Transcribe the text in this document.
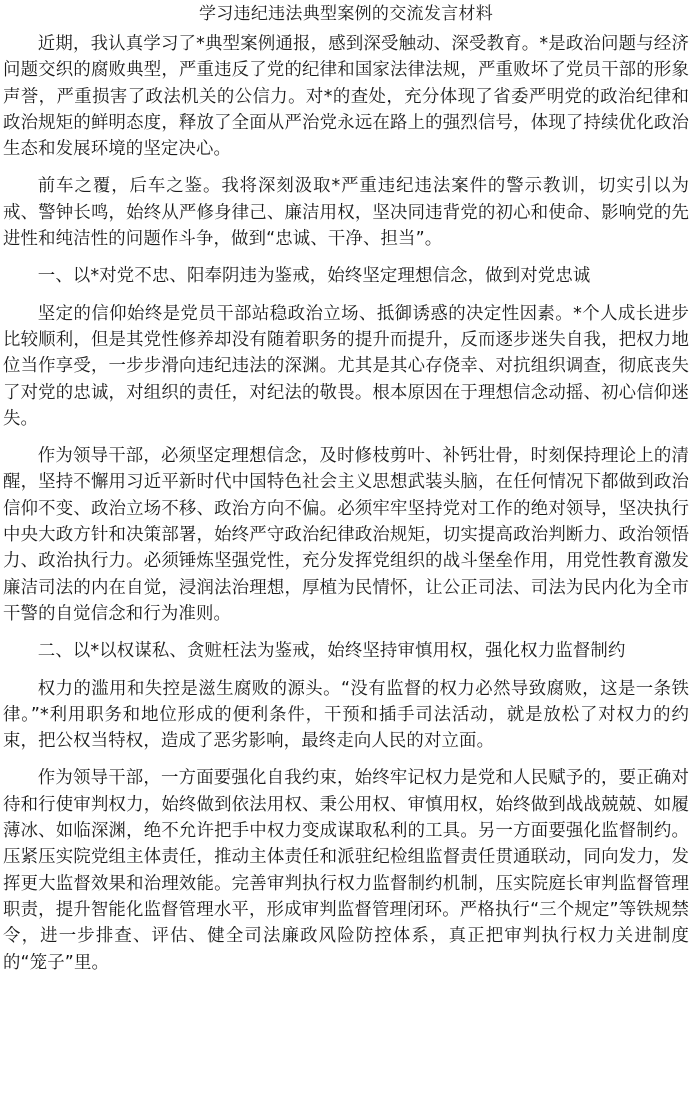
学习违纪违法典型案例的交流发言材料

近期，我认真学习了*典型案例通报，感到深受触动、深受教育。*是政治问题与经济问题交织的腐败典型，严重违反了党的纪律和国家法律法规，严重败坏了党员干部的形象声誉，严重损害了政法机关的公信力。对*的查处，充分体现了省委严明党的政治纪律和政治规矩的鲜明态度，释放了全面从严治党永远在路上的强烈信号，体现了持续优化政治生态和发展环境的坚定决心。

前车之覆，后车之鉴。我将深刻汲取*严重违纪违法案件的警示教训，切实引以为戒、警钟长鸣，始终从严修身律己、廉洁用权，坚决同违背党的初心和使命、影响党的先进性和纯洁性的问题作斗争，做到“忠诚、干净、担当”。

一、以*对党不忠、阳奉阴违为鉴戒，始终坚定理想信念，做到对党忠诚

坚定的信仰始终是党员干部站稳政治立场、抵御诱惑的决定性因素。*个人成长进步比较顺利，但是其党性修养却没有随着职务的提升而提升，反而逐步迷失自我，把权力地位当作享受，一步步滑向违纪违法的深渊。尤其是其心存侥幸、对抗组织调查，彻底丧失了对党的忠诚，对组织的责任，对纪法的敬畏。根本原因在于理想信念动摇、初心信仰迷失。

作为领导干部，必须坚定理想信念，及时修枝剪叶、补钙壮骨，时刻保持理论上的清醒，坚持不懈用习近平新时代中国特色社会主义思想武装头脑，在任何情况下都做到政治信仰不变、政治立场不移、政治方向不偏。必须牢牢坚持党对工作的绝对领导，坚决执行中央大政方针和决策部署，始终严守政治纪律政治规矩，切实提高政治判断力、政治领悟力、政治执行力。必须锤炼坚强党性，充分发挥党组织的战斗堡垒作用，用党性教育激发廉洁司法的内在自觉，浸润法治理想，厚植为民情怀，让公正司法、司法为民内化为全市干警的自觉信念和行为准则。

二、以*以权谋私、贪赃枉法为鉴戒，始终坚持审慎用权，强化权力监督制约

权力的滥用和失控是滋生腐败的源头。“没有监督的权力必然导致腐败，这是一条铁律。”*利用职务和地位形成的便利条件，干预和插手司法活动，就是放松了对权力的约束，把公权当特权，造成了恶劣影响，最终走向人民的对立面。

作为领导干部，一方面要强化自我约束，始终牢记权力是党和人民赋予的，要正确对待和行使审判权力，始终做到依法用权、秉公用权、审慎用权，始终做到战战兢兢、如履薄冰、如临深渊，绝不允许把手中权力变成谋取私利的工具。另一方面要强化监督制约。压紧压实院党组主体责任，推动主体责任和派驻纪检组监督责任贯通联动，同向发力，发挥更大监督效果和治理效能。完善审判执行权力监督制约机制，压实院庭长审判监督管理职责，提升智能化监督管理水平，形成审判监督管理闭环。严格执行“三个规定”等铁规禁令，进一步排查、评估、健全司法廉政风险防控体系，真正把审判执行权力关进制度的“笼子”里。
